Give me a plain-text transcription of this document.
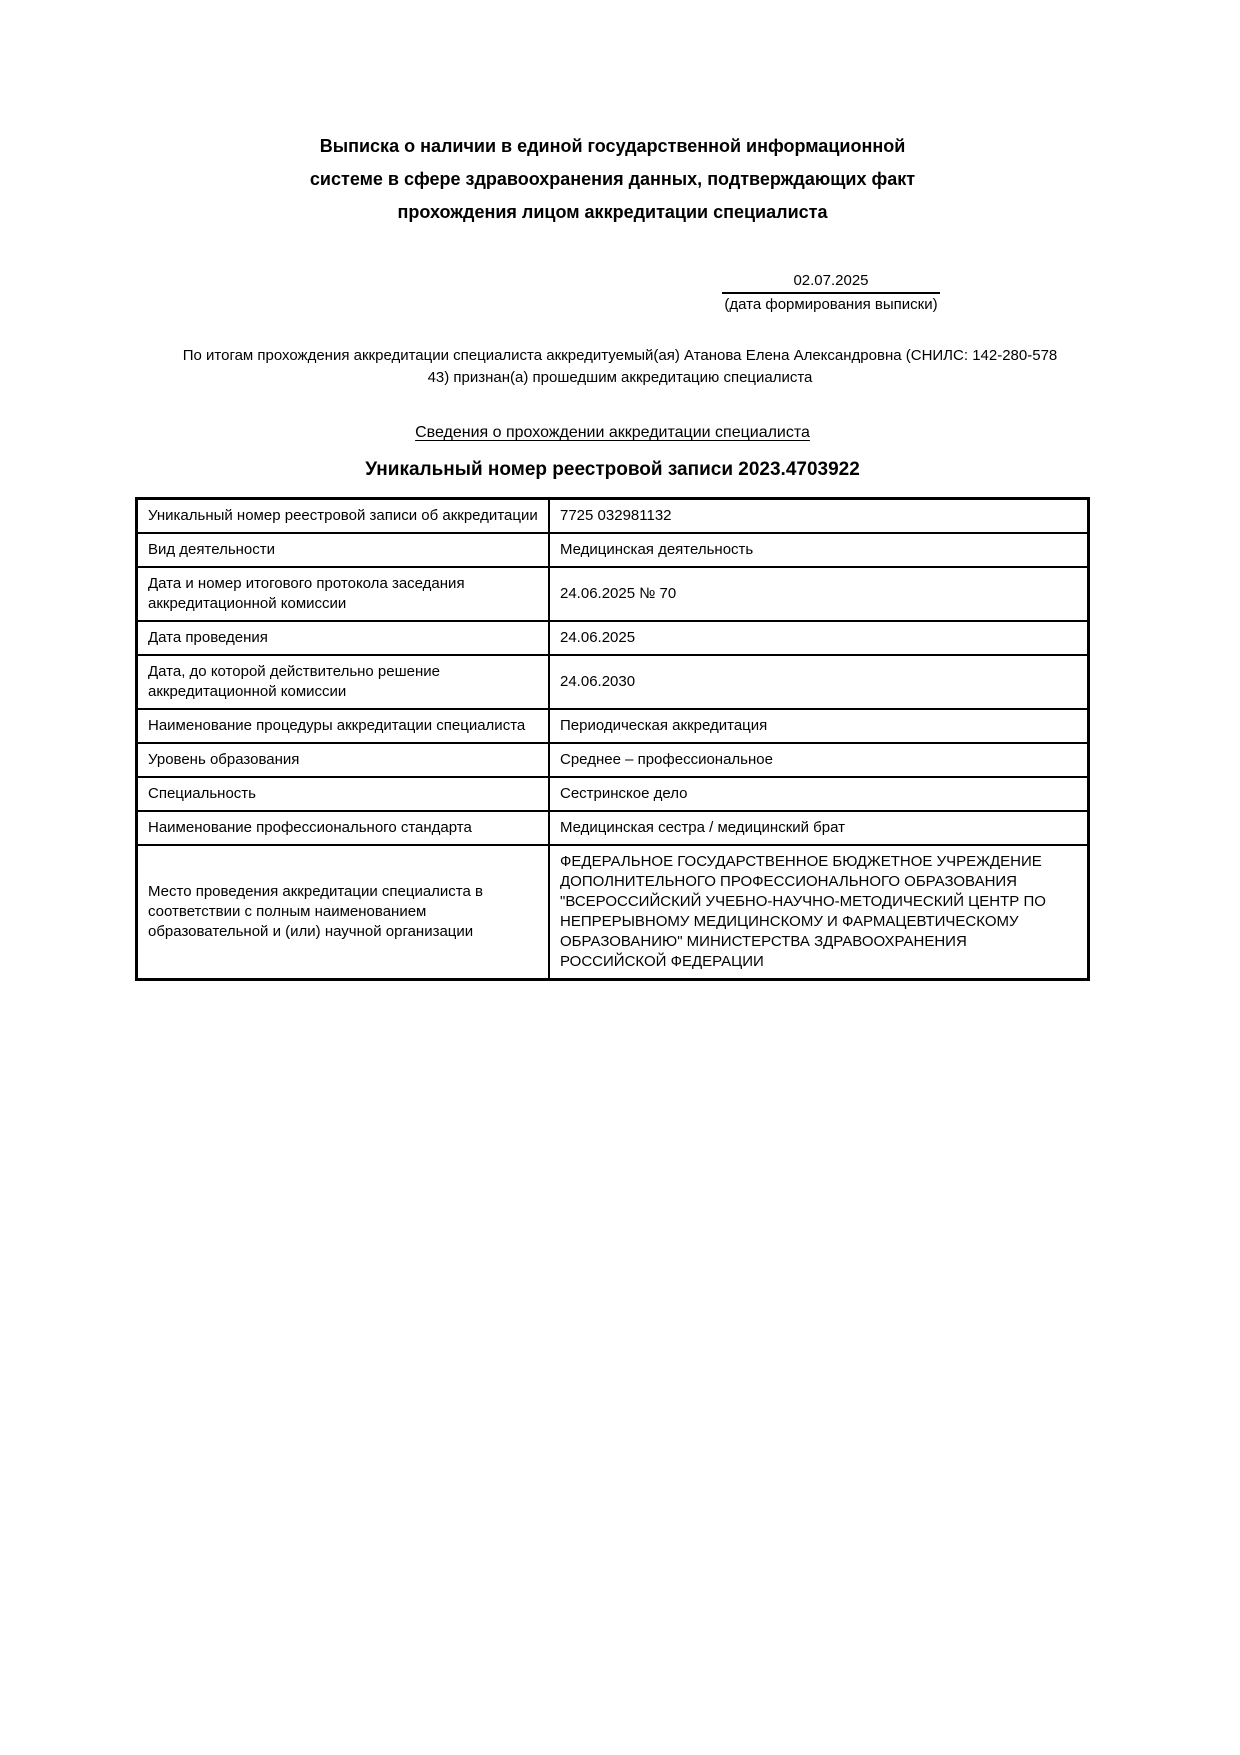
Выписка о наличии в единой государственной информационной
системе в сфере здравоохранения данных, подтверждающих факт
прохождения лицом аккредитации специалиста
02.07.2025
(дата формирования выписки)
По итогам прохождения аккредитации специалиста аккредитуемый(ая) Атанова Елена Александровна (СНИЛС: 142-280-578
43) признан(а) прошедшим аккредитацию специалиста
Сведения о прохождении аккредитации специалиста
Уникальный номер реестровой записи 2023.4703922
Уникальный номер реестровой записи об аккредитации	7725 032981132
Вид деятельности	Медицинская деятельность
Дата и номер итогового протокола заседания аккредитационной комиссии	24.06.2025 № 70
Дата проведения	24.06.2025
Дата, до которой действительно решение аккредитационной комиссии	24.06.2030
Наименование процедуры аккредитации специалиста	Периодическая аккредитация
Уровень образования	Среднее – профессиональное
Специальность	Сестринское дело
Наименование профессионального стандарта	Медицинская сестра / медицинский брат
Место проведения аккредитации специалиста в соответствии с полным наименованием образовательной и (или) научной организации	ФЕДЕРАЛЬНОЕ ГОСУДАРСТВЕННОЕ БЮДЖЕТНОЕ УЧРЕЖДЕНИЕ ДОПОЛНИТЕЛЬНОГО ПРОФЕССИОНАЛЬНОГО ОБРАЗОВАНИЯ "ВСЕРОССИЙСКИЙ УЧЕБНО-НАУЧНО-МЕТОДИЧЕСКИЙ ЦЕНТР ПО НЕПРЕРЫВНОМУ МЕДИЦИНСКОМУ И ФАРМАЦЕВТИЧЕСКОМУ ОБРАЗОВАНИЮ" МИНИСТЕРСТВА ЗДРАВООХРАНЕНИЯ РОССИЙСКОЙ ФЕДЕРАЦИИ
